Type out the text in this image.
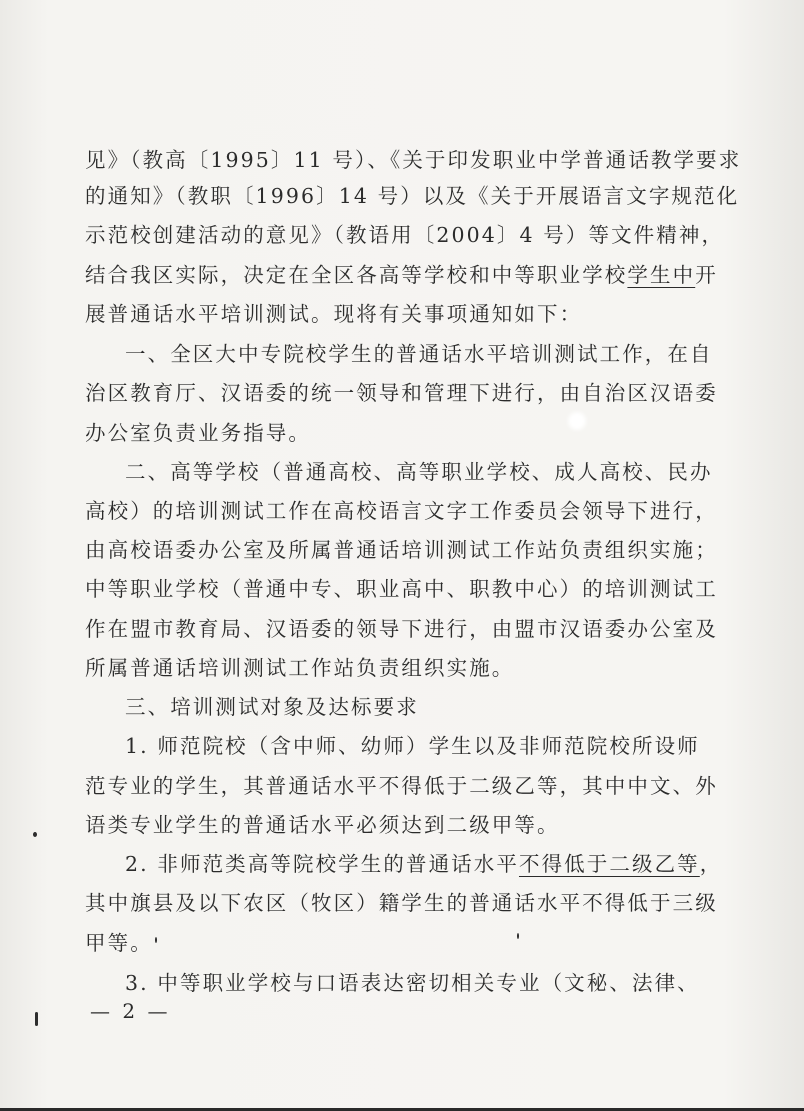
见》（教高〔1995〕11 号）、《关于印发职业中学普通话教学要求
的通知》（教职〔1996〕14 号）以及《关于开展语言文字规范化
示范校创建活动的意见》（教语用〔2004〕4 号）等文件精神，
结合我区实际，决定在全区各高等学校和中等职业学校学生中开
展普通话水平培训测试。现将有关事项通知如下：
一、全区大中专院校学生的普通话水平培训测试工作，在自
治区教育厅、汉语委的统一领导和管理下进行，由自治区汉语委
办公室负责业务指导。
二、高等学校（普通高校、高等职业学校、成人高校、民办
高校）的培训测试工作在高校语言文字工作委员会领导下进行，
由高校语委办公室及所属普通话培训测试工作站负责组织实施；
中等职业学校（普通中专、职业高中、职教中心）的培训测试工
作在盟市教育局、汉语委的领导下进行，由盟市汉语委办公室及
所属普通话培训测试工作站负责组织实施。
三、培训测试对象及达标要求
1. 师范院校（含中师、幼师）学生以及非师范院校所设师
范专业的学生，其普通话水平不得低于二级乙等，其中中文、外
语类专业学生的普通话水平必须达到二级甲等。
2. 非师范类高等院校学生的普通话水平不得低于二级乙等，
其中旗县及以下农区（牧区）籍学生的普通话水平不得低于三级
甲等。
3. 中等职业学校与口语表达密切相关专业（文秘、法律、
— 2 —
